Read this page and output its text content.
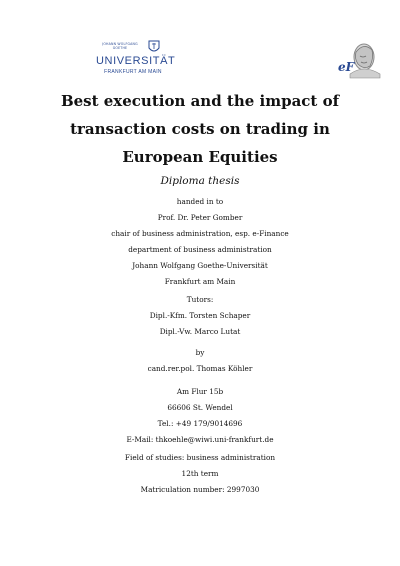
JOHANN WOLFGANG GOETHE
UNIVERSITÄT
FRANKFURT AM MAIN	eF
Best execution and the impact of
transaction costs on trading in
European Equities
Diploma thesis
handed in to
Prof. Dr. Peter Gomber
chair of business administration, esp. e-Finance
department of business administration
Johann Wolfgang Goethe-Universität
Frankfurt am Main
Tutors:
Dipl.-Kfm. Torsten Schaper
Dipl.-Vw. Marco Lutat
by
cand.rer.pol. Thomas Köhler
Am Flur 15b
66606 St. Wendel
Tel.: +49 179/9014696
E-Mail: thkoehle@wiwi.uni-frankfurt.de
Field of studies: business administration
12th term
Matriculation number: 2997030
